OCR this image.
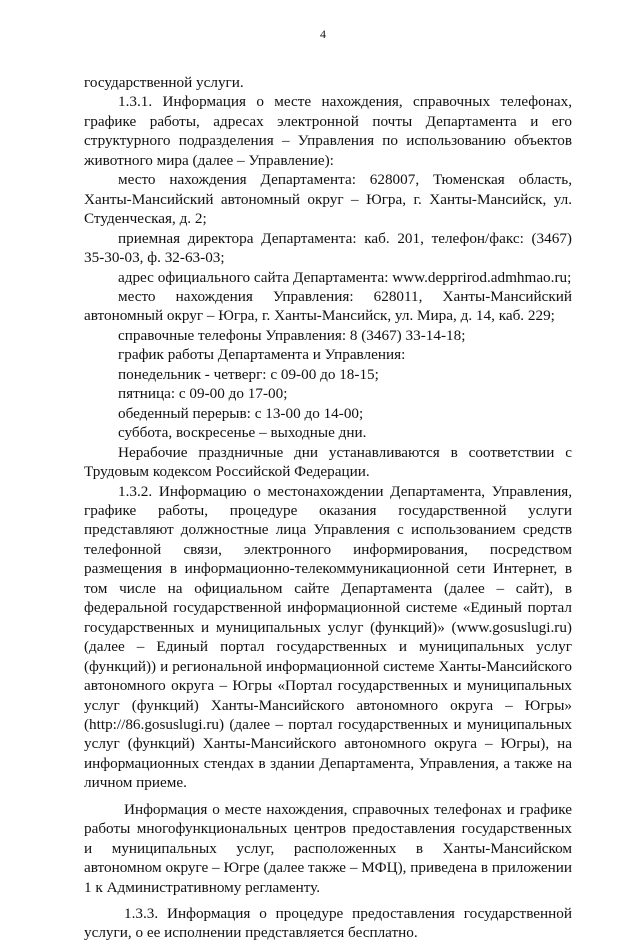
4

государственной услуги.

1.3.1. Информация о месте нахождения, справочных телефонах, графике работы, адресах электронной почты Департамента и его структурного подразделения – Управления по использованию объектов животного мира (далее – Управление):

место нахождения Департамента: 628007, Тюменская область, Ханты-Мансийский автономный округ – Югра, г. Ханты-Мансийск, ул. Студенческая, д. 2;

приемная директора Департамента: каб. 201, телефон/факс: (3467) 35-30-03, ф. 32-63-03;

адрес официального сайта Департамента: www.depprirod.admhmao.ru;

место нахождения Управления: 628011, Ханты-Мансийский автономный округ – Югра, г. Ханты-Мансийск, ул. Мира, д. 14, каб. 229;

справочные телефоны Управления: 8 (3467) 33-14-18;

график работы Департамента и Управления:

понедельник - четверг: с 09-00 до 18-15;

пятница: с 09-00 до 17-00;

обеденный перерыв: с 13-00 до 14-00;

суббота, воскресенье – выходные дни.

Нерабочие праздничные дни устанавливаются в соответствии с Трудовым кодексом Российской Федерации.

1.3.2. Информацию о местонахождении Департамента, Управления, графике работы, процедуре оказания государственной услуги представляют должностные лица Управления с использованием средств телефонной связи, электронного информирования, посредством размещения в информационно-телекоммуникационной сети Интернет, в том числе на официальном сайте Департамента (далее – сайт), в федеральной государственной информационной системе «Единый портал государственных и муниципальных услуг (функций)» (www.gosuslugi.ru) (далее – Единый портал государственных и муниципальных услуг (функций)) и региональной информационной системе Ханты-Мансийского автономного округа – Югры «Портал государственных и муниципальных услуг (функций) Ханты-Мансийского автономного округа – Югры» (http://86.gosuslugi.ru) (далее – портал государственных и муниципальных услуг (функций) Ханты-Мансийского автономного округа – Югры), на информационных стендах в здании Департамента, Управления, а также на личном приеме.

Информация о месте нахождения, справочных телефонах и графике работы многофункциональных центров предоставления государственных и муниципальных услуг, расположенных в Ханты-Мансийском автономном округе – Югре (далее также – МФЦ), приведена в приложении 1 к Административному регламенту.

1.3.3. Информация о процедуре предоставления государственной услуги, о ее исполнении представляется бесплатно.
